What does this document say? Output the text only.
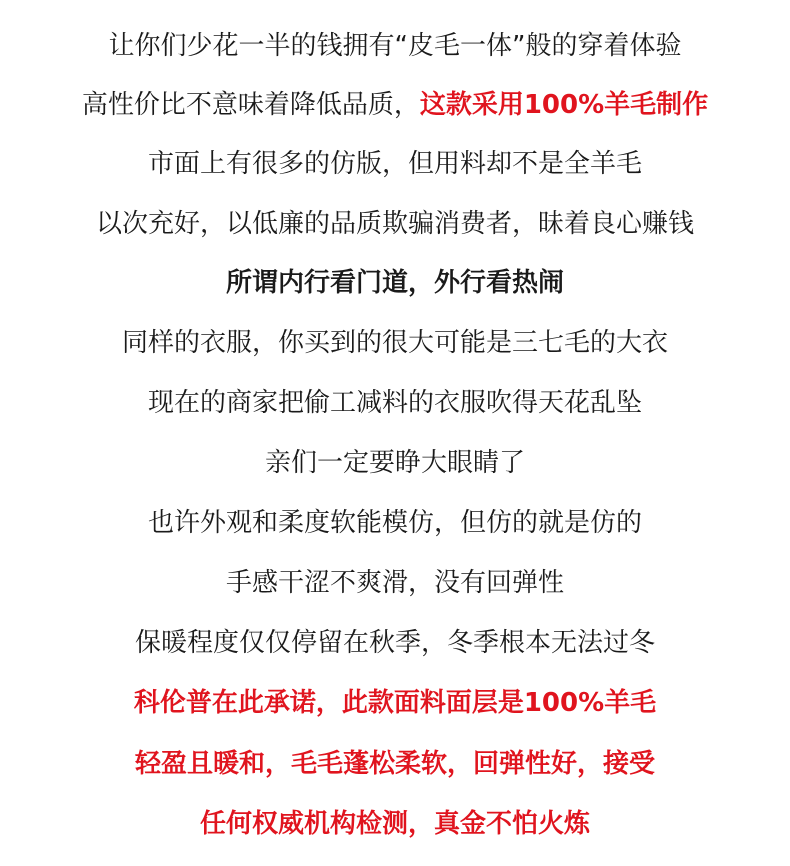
让你们少花一半的钱拥有“皮毛一体”般的穿着体验
高性价比不意味着降低品质，这款采用100%羊毛制作
市面上有很多的仿版，但用料却不是全羊毛
以次充好，以低廉的品质欺骗消费者，昧着良心赚钱
所谓内行看门道，外行看热闹
同样的衣服，你买到的很大可能是三七毛的大衣
现在的商家把偷工减料的衣服吹得天花乱坠
亲们一定要睁大眼睛了
也许外观和柔度软能模仿，但仿的就是仿的
手感干涩不爽滑，没有回弹性
保暖程度仅仅停留在秋季，冬季根本无法过冬
科伦普在此承诺，此款面料面层是100%羊毛
轻盈且暖和，毛毛蓬松柔软，回弹性好，接受
任何权威机构检测，真金不怕火炼
